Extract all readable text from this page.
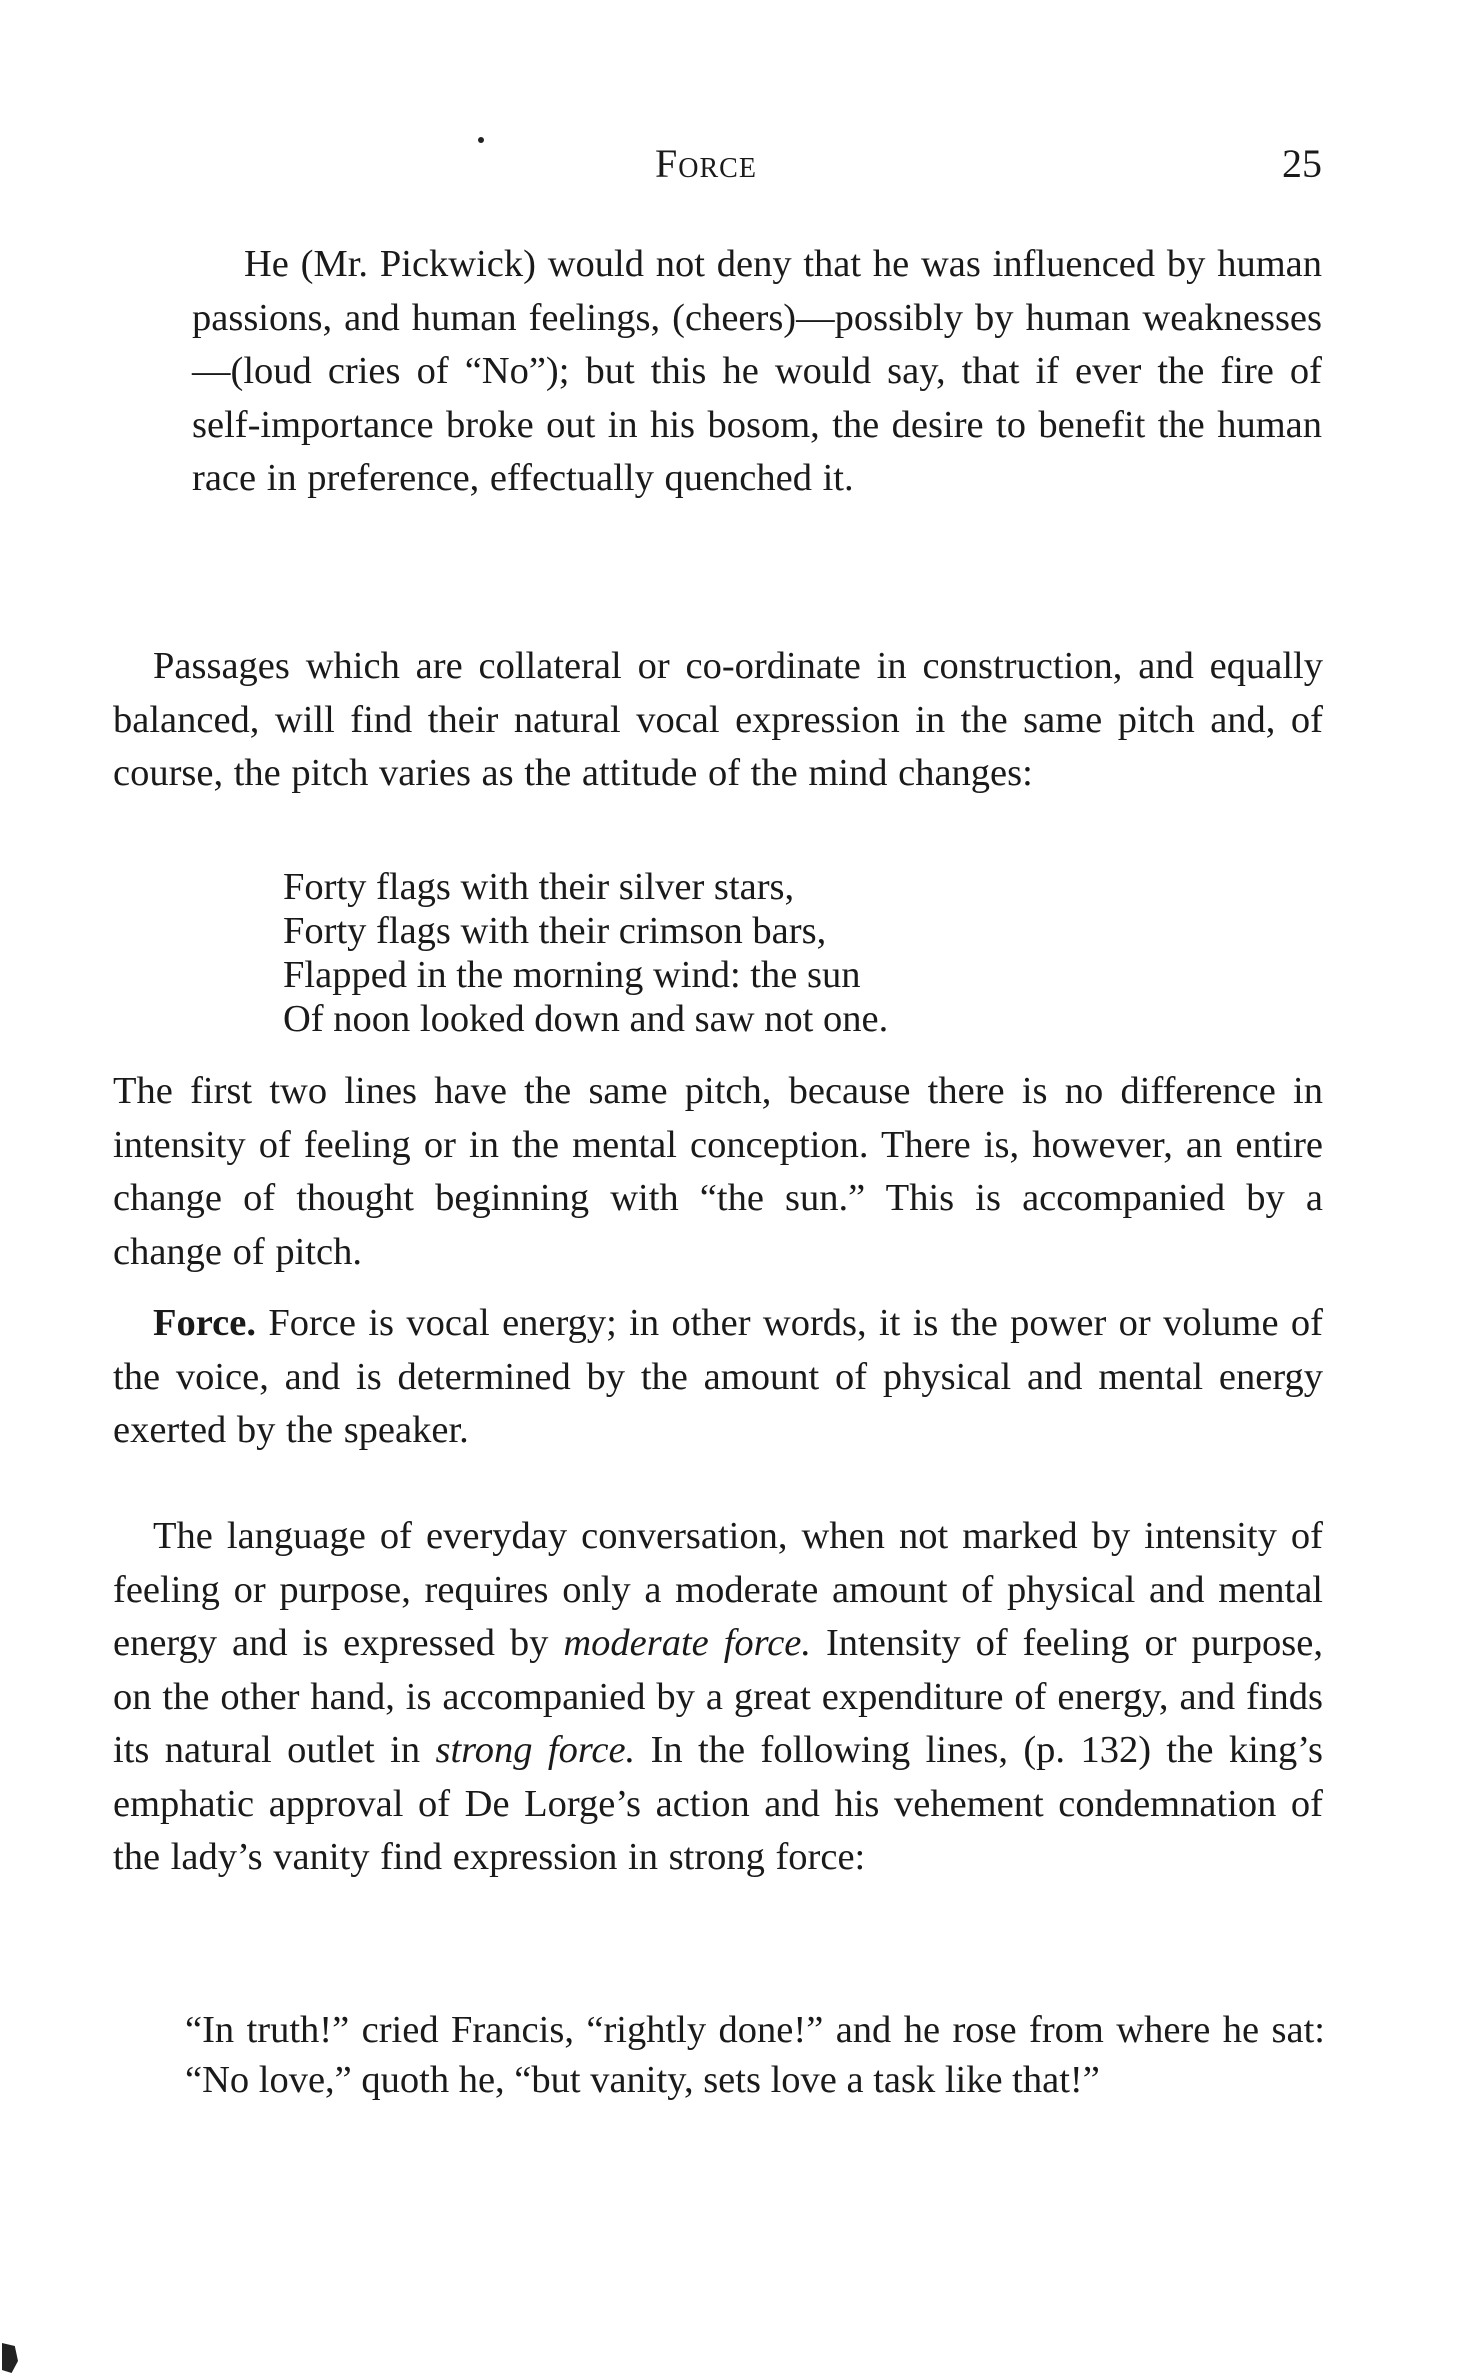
Force	25

He (Mr. Pickwick) would not deny that he was influenced by human passions, and human feelings, (cheers)—possibly by human weaknesses—(loud cries of “No”); but this he would say, that if ever the fire of self-importance broke out in his bosom, the desire to benefit the human race in preference, effectually quenched it.

Passages which are collateral or co-ordinate in construction, and equally balanced, will find their natural vocal expression in the same pitch and, of course, the pitch varies as the attitude of the mind changes:

Forty flags with their silver stars,
Forty flags with their crimson bars,
Flapped in the morning wind: the sun
Of noon looked down and saw not one.

The first two lines have the same pitch, because there is no difference in intensity of feeling or in the mental conception. There is, however, an entire change of thought beginning with “the sun.” This is accompanied by a change of pitch.

Force. Force is vocal energy; in other words, it is the power or volume of the voice, and is determined by the amount of physical and mental energy exerted by the speaker.

The language of everyday conversation, when not marked by intensity of feeling or purpose, requires only a moderate amount of physical and mental energy and is expressed by moderate force. Intensity of feeling or purpose, on the other hand, is accompanied by a great expenditure of energy, and finds its natural outlet in strong force. In the following lines, (p. 132) the king’s emphatic approval of De Lorge’s action and his vehement condemnation of the lady’s vanity find expression in strong force:

“In truth!” cried Francis, “rightly done!” and he rose from where he sat:

“No love,” quoth he, “but vanity, sets love a task like that!”
